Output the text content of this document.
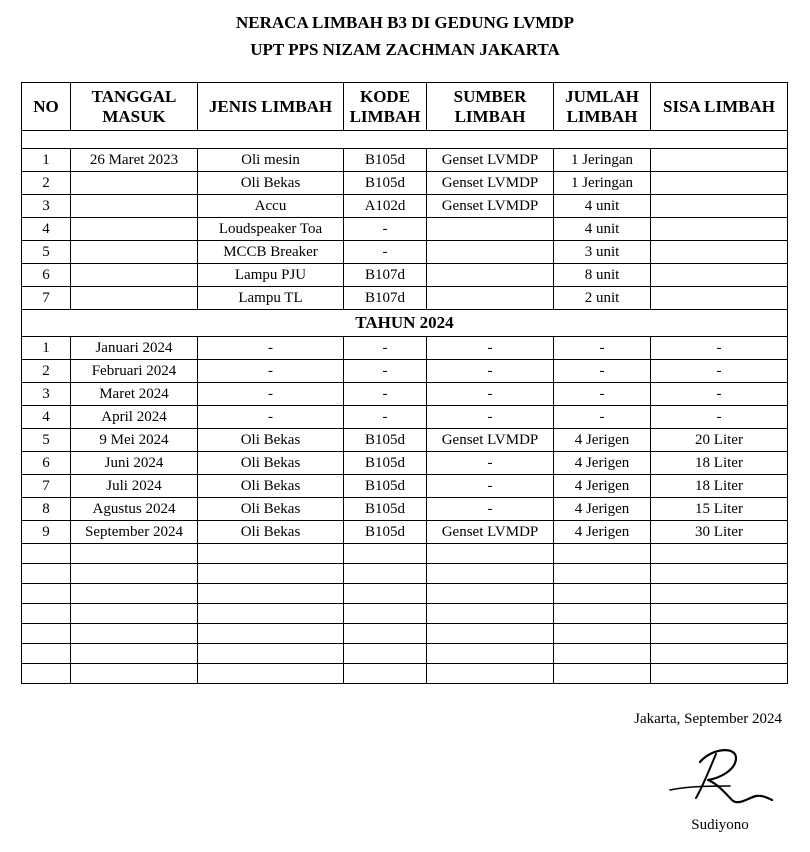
NERACA LIMBAH B3 DI GEDUNG LVMDP
UPT PPS NIZAM ZACHMAN JAKARTA
NO	TANGGAL MASUK	JENIS LIMBAH	KODE LIMBAH	SUMBER LIMBAH	JUMLAH LIMBAH	SISA LIMBAH

1	26 Maret 2023	Oli mesin	B105d	Genset LVMDP	1 Jeringan	
2		Oli Bekas	B105d	Genset LVMDP	1 Jeringan	
3		Accu	A102d	Genset LVMDP	4 unit	
4		Loudspeaker Toa	-		4 unit	
5		MCCB Breaker	-		3 unit	
6		Lampu PJU	B107d		8 unit	
7		Lampu TL	B107d		2 unit	
TAHUN 2024						
1	Januari 2024	-	-	-	-	-
2	Februari 2024	-	-	-	-	-
3	Maret 2024	-	-	-	-	-
4	April 2024	-	-	-	-	-
5	9 Mei 2024	Oli Bekas	B105d	Genset LVMDP	4 Jerigen	20 Liter
6	Juni 2024	Oli Bekas	B105d	-	4 Jerigen	18 Liter
7	Juli 2024	Oli Bekas	B105d	-	4 Jerigen	18 Liter
8	Agustus 2024	Oli Bekas	B105d	-	4 Jerigen	15 Liter
9	September 2024	Oli Bekas	B105d	Genset LVMDP	4 Jerigen	30 Liter

Jakarta, September 2024
Sudiyono
